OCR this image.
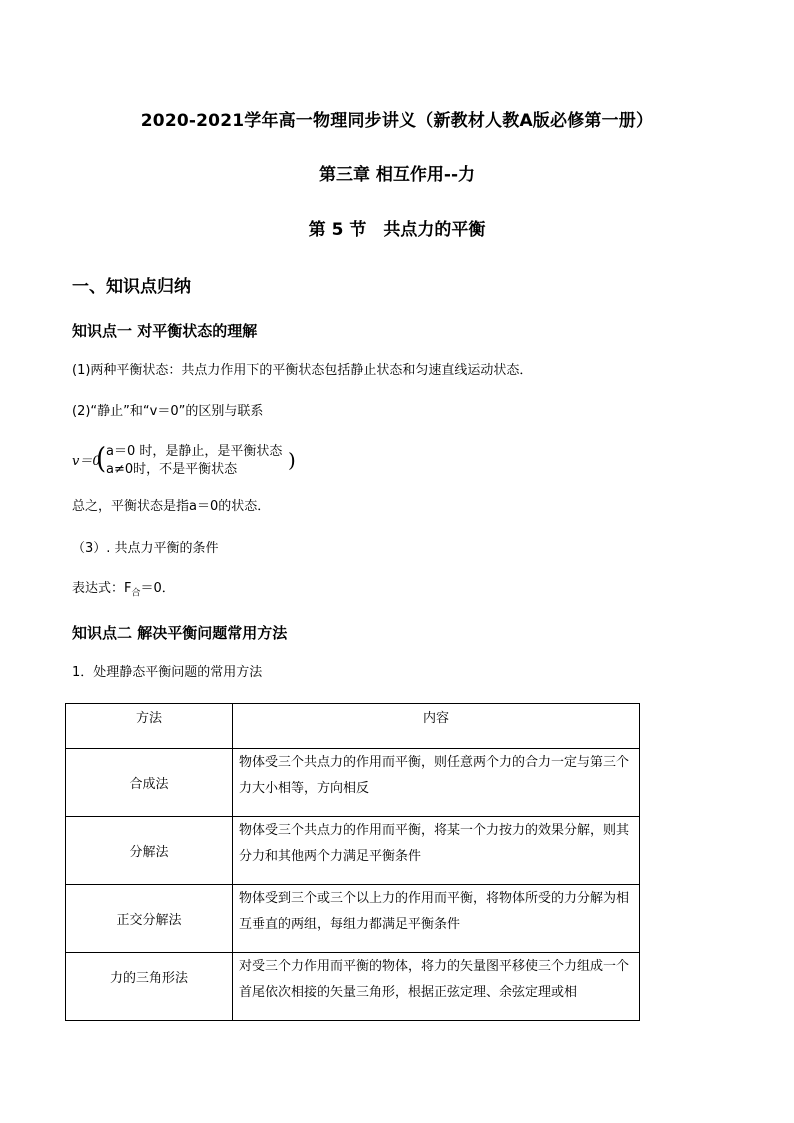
2020-2021学年高一物理同步讲义（新教材人教A版必修第一册）
第三章 相互作用--力
第 5 节　共点力的平衡
一、知识点归纳
知识点一 对平衡状态的理解
(1)两种平衡状态：共点力作用下的平衡状态包括静止状态和匀速直线运动状态．
(2)“静止”和“v＝0”的区别与联系
v＝0
( a＝0 时，是静止，是平衡状态
a≠0时，不是平衡状态	)
总之，平衡状态是指a＝0的状态．
（3）. 共点力平衡的条件
表达式：$F_合=0$．
知识点二 解决平衡问题常用方法
1．处理静态平衡问题的常用方法
方法	内容
合成法	物体受三个共点力的作用而平衡，则任意两个力的合力一定与第三个力大小相等，方向相反
分解法	物体受三个共点力的作用而平衡，将某一个力按力的效果分解，则其分力和其他两个力满足平衡条件
正交分解法	物体受到三个或三个以上力的作用而平衡，将物体所受的力分解为相互垂直的两组，每组力都满足平衡条件
力的三角形法	对受三个力作用而平衡的物体，将力的矢量图平移使三个力组成一个首尾依次相接的矢量三角形，根据正弦定理、余弦定理或相
